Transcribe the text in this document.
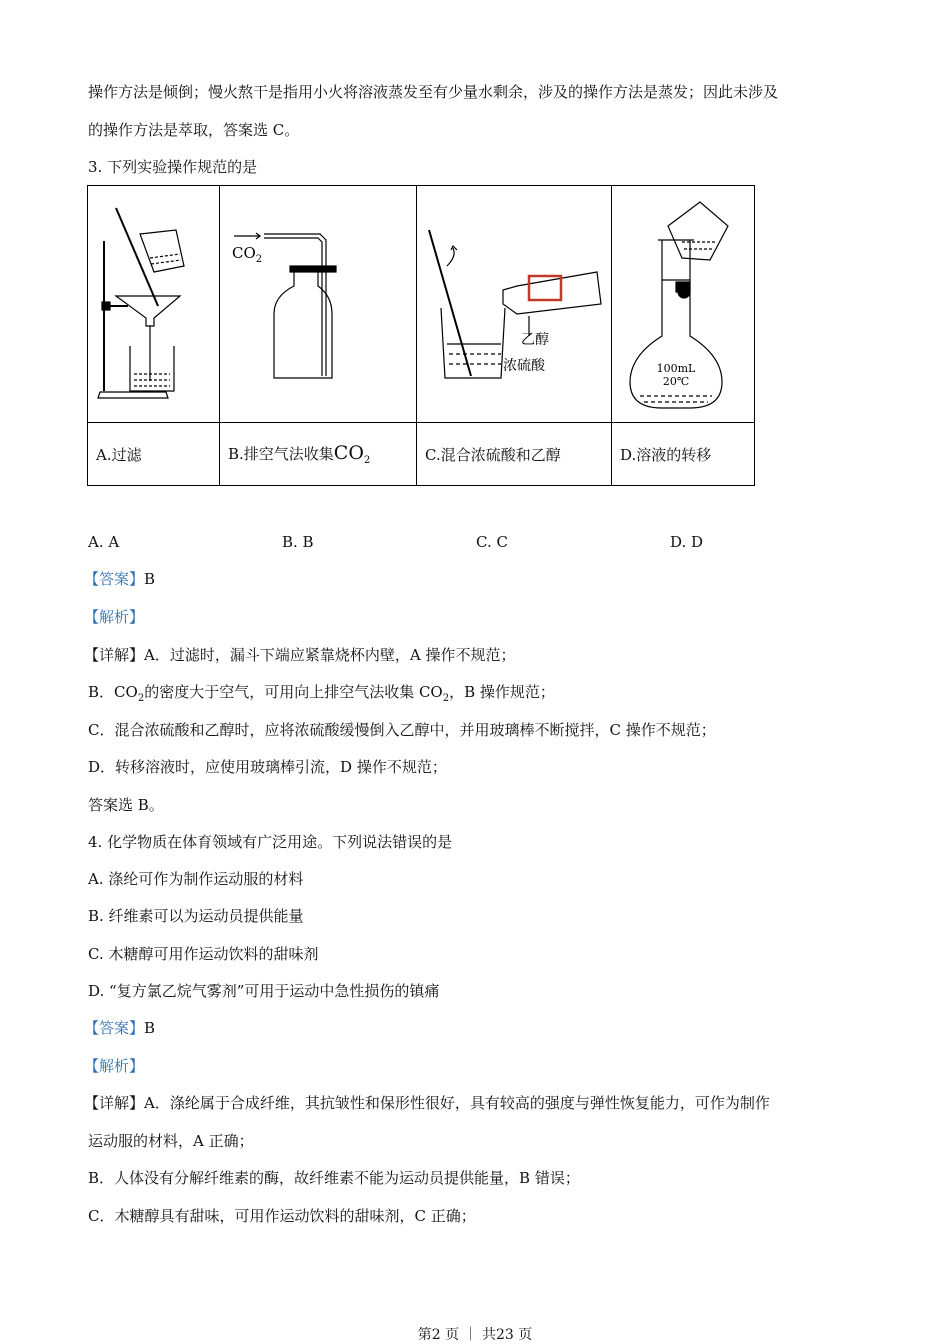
操作方法是倾倒；慢火熬干是指用小火将溶液蒸发至有少量水剩余，涉及的操作方法是蒸发；因此未涉及
的操作方法是萃取，答案选 C。
3. 下列实验操作规范的是

$CO_2$	乙醇
浓硫酸	100mL
20℃

A.过滤	B.排空气法收集$CO_2$	C.混合浓硫酸和乙醇	D.溶液的转移
A. A	B. B	C. C	D. D
【答案】B
【解析】
【详解】A．过滤时，漏斗下端应紧靠烧杯内壁，A 操作不规范；
B．$CO_2$的密度大于空气，可用向上排空气法收集 $CO_2$，B 操作规范；
C．混合浓硫酸和乙醇时，应将浓硫酸缓慢倒入乙醇中，并用玻璃棒不断搅拌，C 操作不规范；
D．转移溶液时，应使用玻璃棒引流，D 操作不规范；
答案选 B。
4. 化学物质在体育领域有广泛用途。下列说法错误的是
A. 涤纶可作为制作运动服的材料
B. 纤维素可以为运动员提供能量
C. 木糖醇可用作运动饮料的甜味剂
D. “复方氯乙烷气雾剂”可用于运动中急性损伤的镇痛
【答案】B
【解析】
【详解】A．涤纶属于合成纤维，其抗皱性和保形性很好，具有较高的强度与弹性恢复能力，可作为制作
运动服的材料，A 正确；
B．人体没有分解纤维素的酶，故纤维素不能为运动员提供能量，B 错误；
C．木糖醇具有甜味，可用作运动饮料的甜味剂，C 正确；
第2 页 ｜ 共23 页
